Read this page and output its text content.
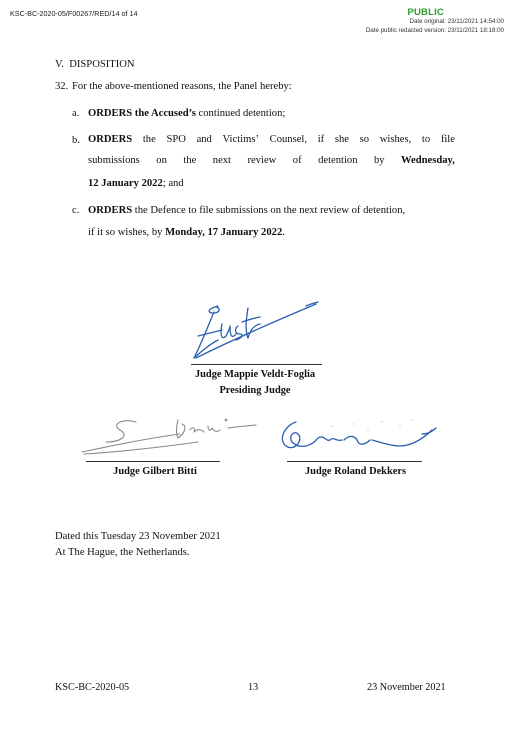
KSC-BC-2020-05/F00267/RED/14 of 14	PUBLIC
Date original: 23/11/2021 14:54:00
Date public redacted version: 23/11/2021 18:18:00
V.  DISPOSITION
32. For the above-mentioned reasons, the Panel hereby:
a. ORDERS the Accused’s continued detention;
b. ORDERS the SPO and Victims’ Counsel, if she so wishes, to file
submissions on the next review of detention by Wednesday,
12 January 2022; and
c. ORDERS the Defence to file submissions on the next review of detention,
if it so wishes, by Monday, 17 January 2022.
Judge Mappie Veldt-Foglia
Presiding Judge
Judge Gilbert Bitti	Judge Roland Dekkers
Dated this Tuesday 23 November 2021
At The Hague, the Netherlands.
KSC-BC-2020-05	13	23 November 2021
